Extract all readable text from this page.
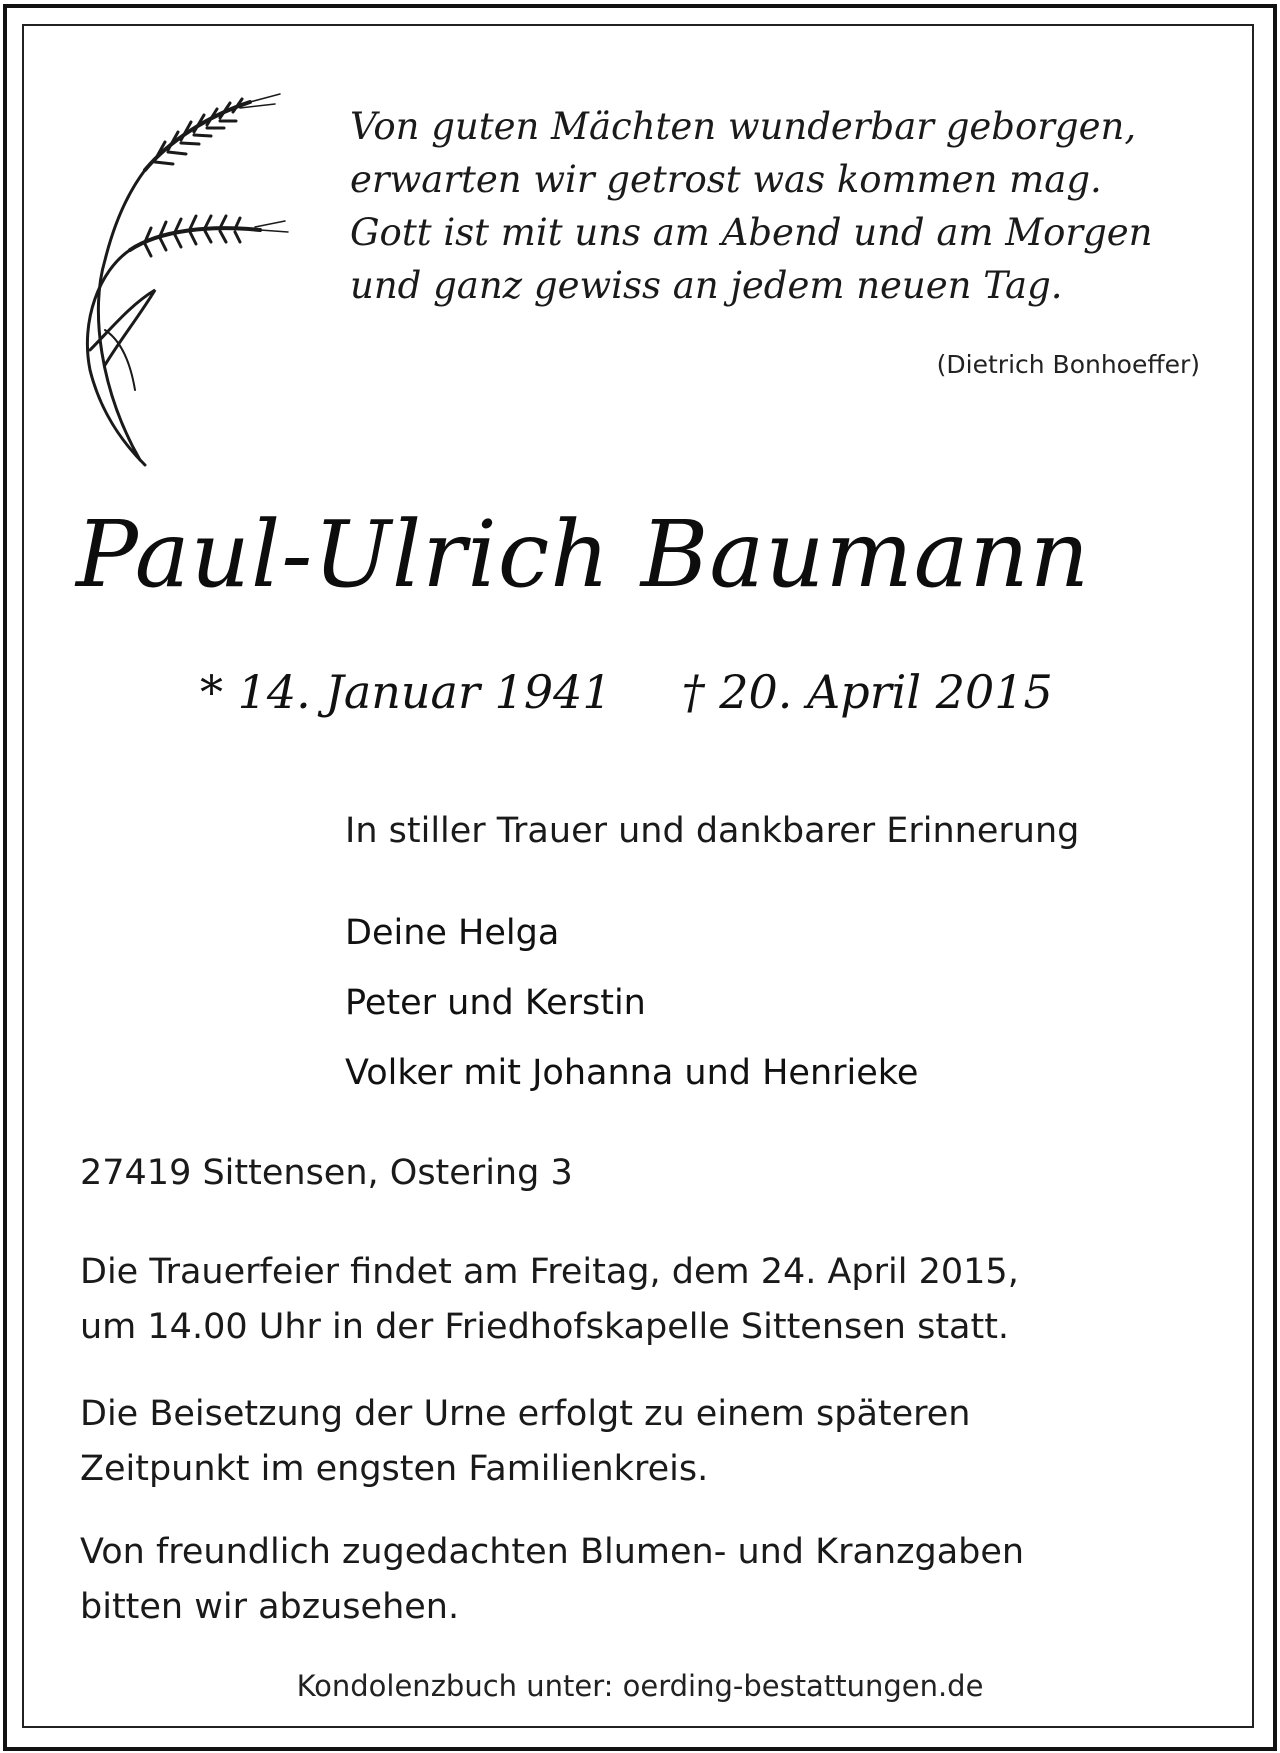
Von guten Mächten wunderbar geborgen,
erwarten wir getrost was kommen mag.
Gott ist mit uns am Abend und am Morgen
und ganz gewiss an jedem neuen Tag.
(Dietrich Bonhoeffer)
Paul-Ulrich Baumann
* 14. Januar 1941 † 20. April 2015
In stiller Trauer und dankbarer Erinnerung
Deine Helga
Peter und Kerstin
Volker mit Johanna und Henrieke
27419 Sittensen, Ostering 3
Die Trauerfeier findet am Freitag, dem 24. April 2015,
um 14.00 Uhr in der Friedhofskapelle Sittensen statt.
Die Beisetzung der Urne erfolgt zu einem späteren
Zeitpunkt im engsten Familienkreis.
Von freundlich zugedachten Blumen- und Kranzgaben
bitten wir abzusehen.
Kondolenzbuch unter: oerding-bestattungen.de
